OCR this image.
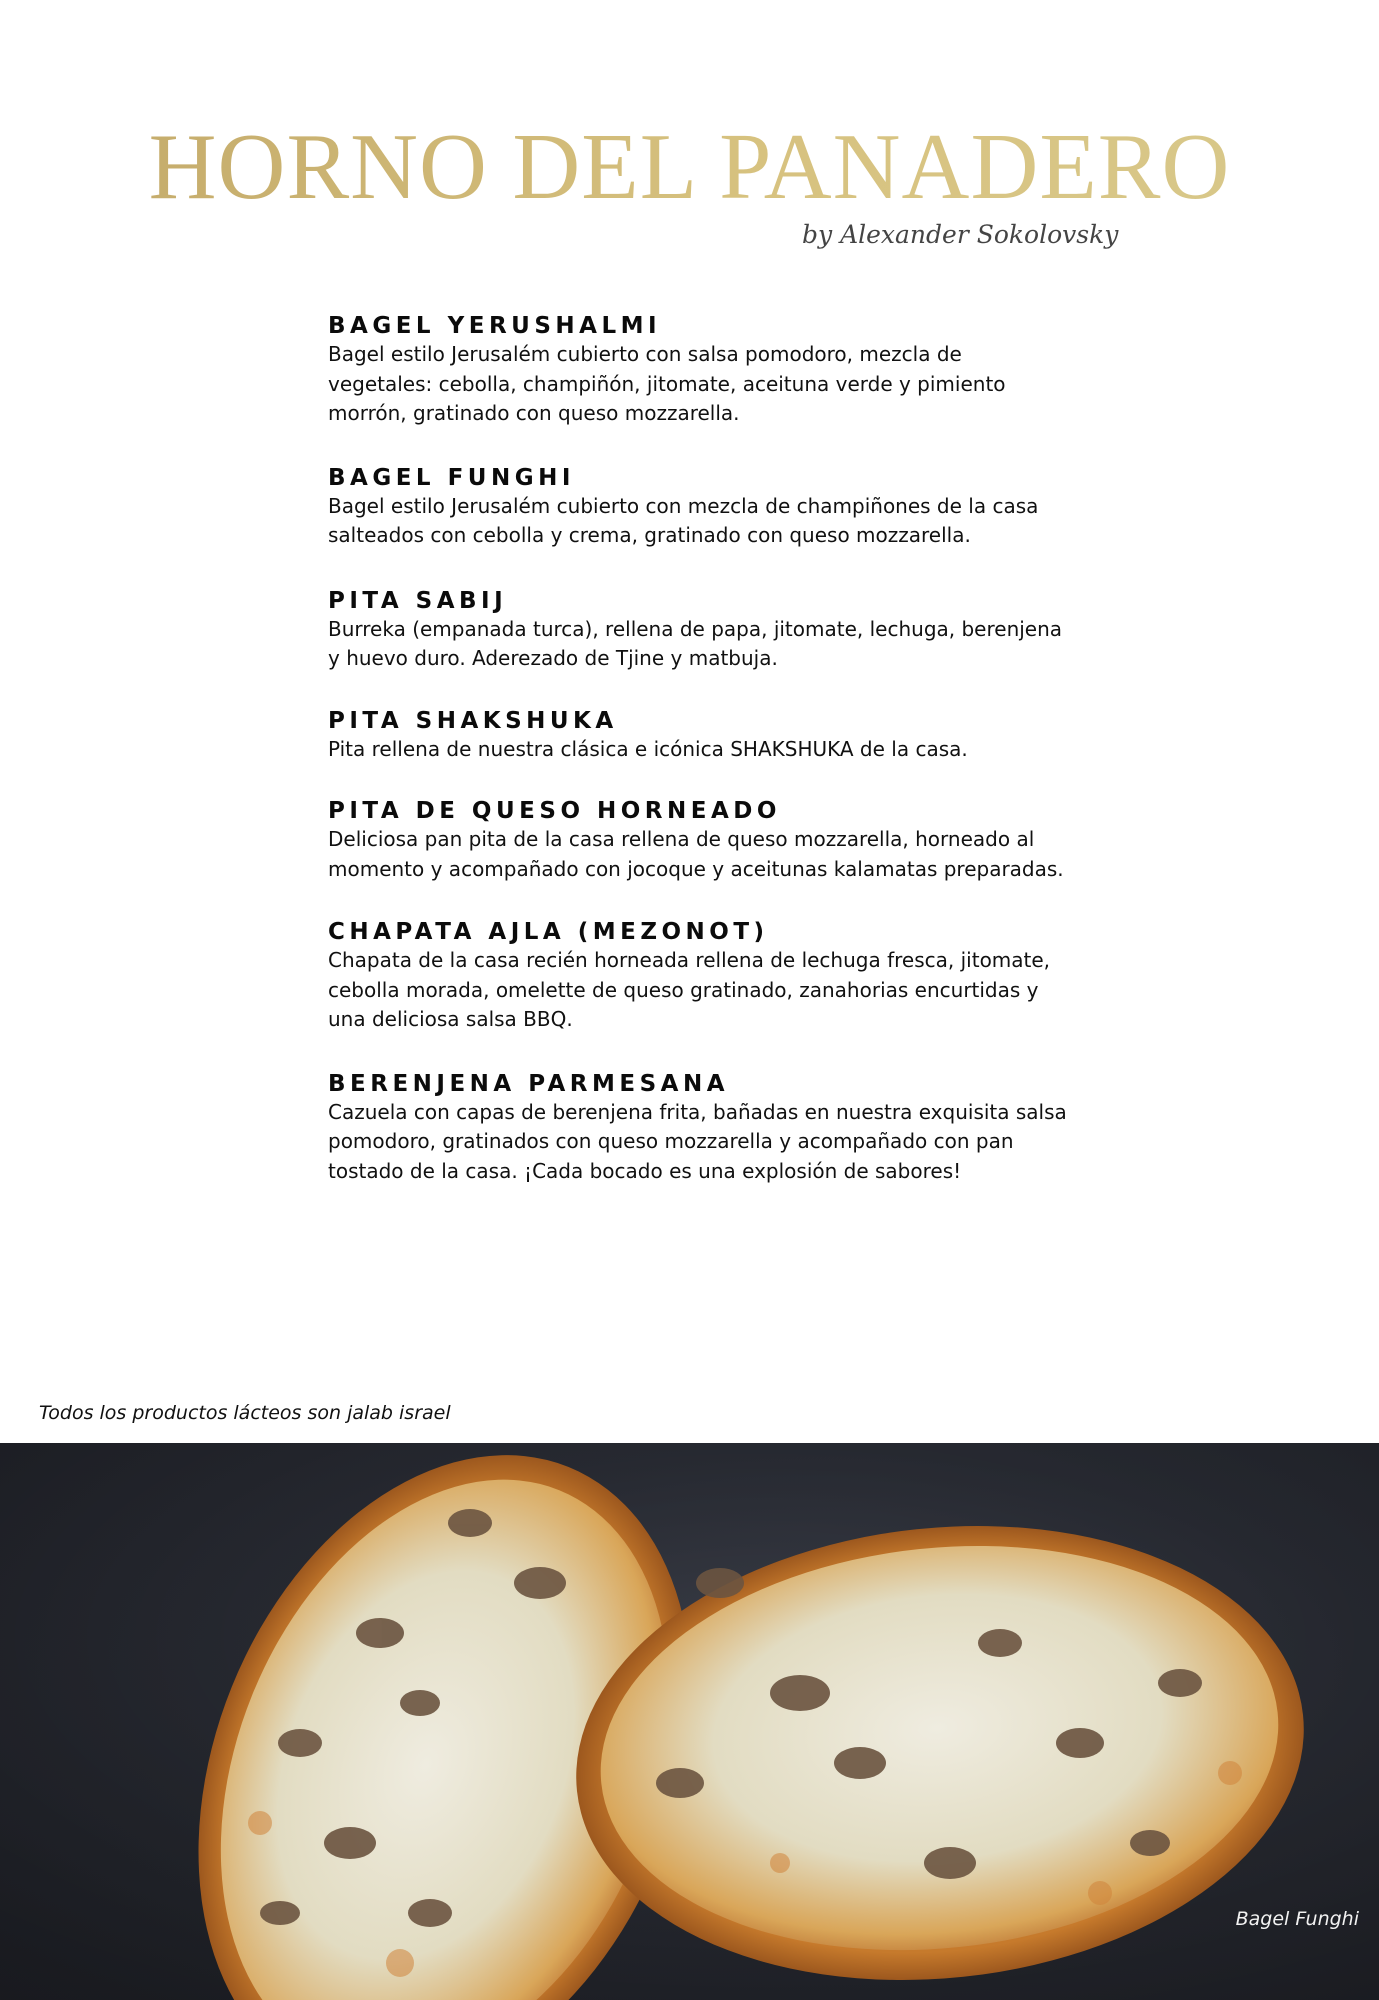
HORNO DEL PANADERO
by Alexander Sokolovsky
BAGEL YERUSHALMI
Bagel estilo Jerusalém cubierto con salsa pomodoro, mezcla de vegetales: cebolla, champiñón, jitomate, aceituna verde y pimiento morrón, gratinado con queso mozzarella.
BAGEL FUNGHI
Bagel estilo Jerusalém cubierto con mezcla de champiñones de la casa salteados con cebolla y crema, gratinado con queso mozzarella.
PITA SABIJ
Burreka (empanada turca), rellena de papa, jitomate, lechuga, berenjena y huevo duro. Aderezado de Tjine y matbuja.
PITA SHAKSHUKA
Pita rellena de nuestra clásica e icónica SHAKSHUKA de la casa.
PITA DE QUESO HORNEADO
Deliciosa pan pita de la casa rellena de queso mozzarella, horneado al momento y acompañado con jocoque y aceitunas kalamatas preparadas.
CHAPATA AJLA (MEZONOT)
Chapata de la casa recién horneada rellena de lechuga fresca, jitomate, cebolla morada, omelette de queso gratinado, zanahorias encurtidas y una deliciosa salsa BBQ.
BERENJENA PARMESANA
Cazuela con capas de berenjena frita, bañadas en nuestra exquisita salsa pomodoro, gratinados con queso mozzarella y acompañado con pan tostado de la casa. ¡Cada bocado es una explosión de sabores!
Todos los productos lácteos son jalab israel
Bagel Funghi
